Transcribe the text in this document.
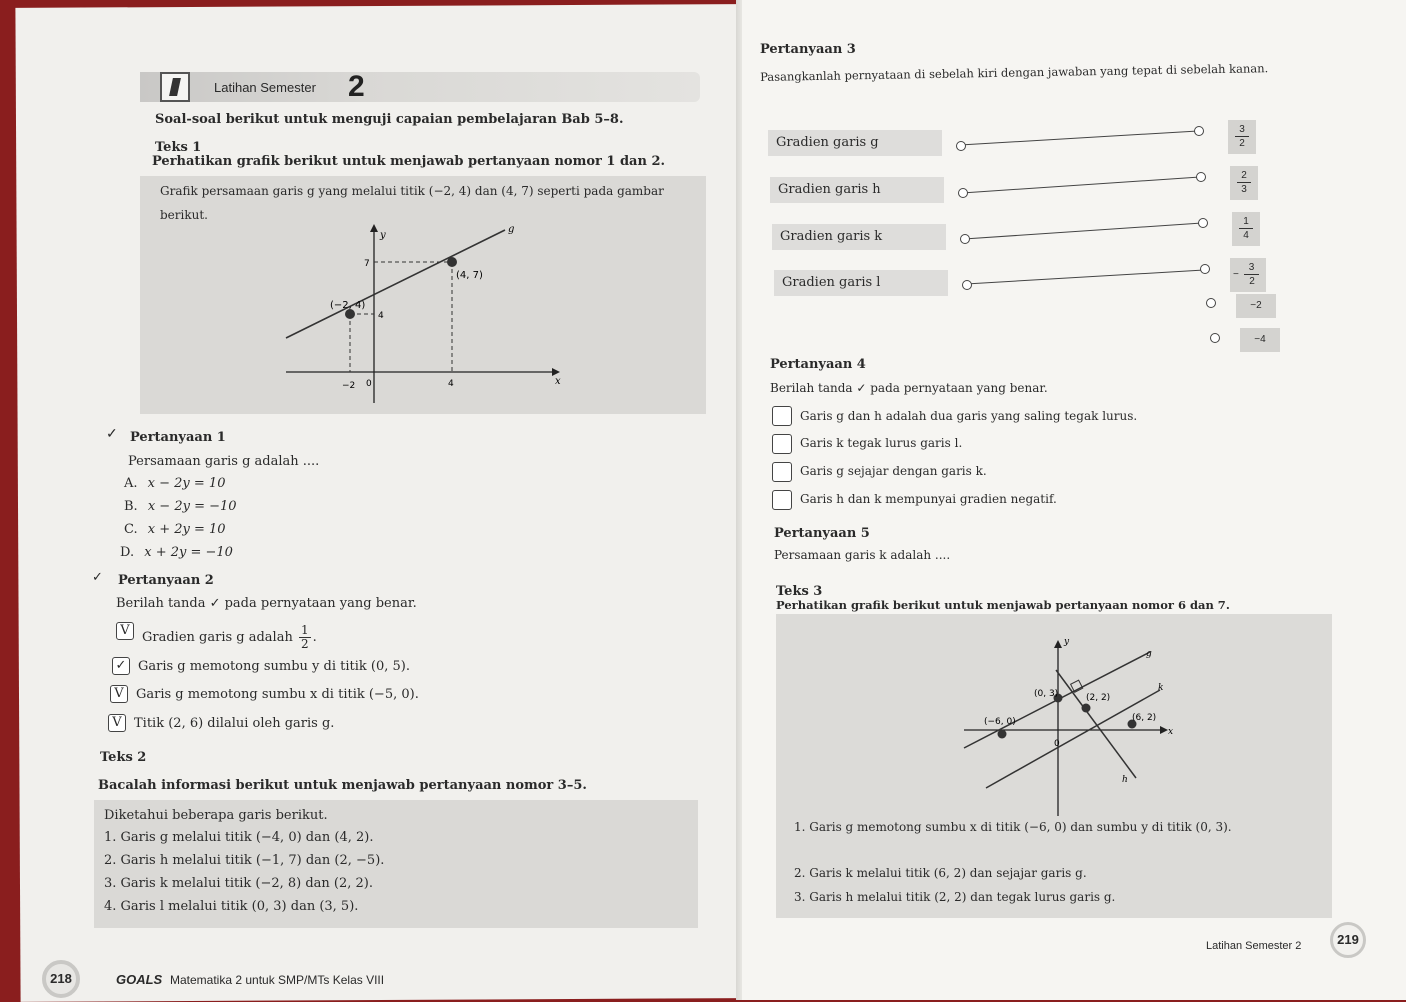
Latihan Semester 2
Soal-soal berikut untuk menguji capaian pembelajaran Bab 5–8.
Teks 1
Perhatikan grafik berikut untuk menjawab pertanyaan nomor 1 dan 2.
Grafik persamaan garis g yang melalui titik (−2, 4) dan (4, 7) seperti pada gambar
berikut.
y
x
g
(4, 7)
(−2, 4)
7
4
−2 0	4
✓ Pertanyaan 1
Persamaan garis g adalah ....
A. x − 2y = 10
B. x − 2y = −10
C. x + 2y = 10
D. x + 2y = −10
✓ Pertanyaan 2
Berilah tanda ✓ pada pernyataan yang benar.
V Gradien garis g adalah $\frac{1}{2}$ .
✓ Garis g memotong sumbu y di titik (0, 5).
V Garis g memotong sumbu x di titik (−5, 0).
V Titik (2, 6) dilalui oleh garis g.
Teks 2
Bacalah informasi berikut untuk menjawab pertanyaan nomor 3–5.
Diketahui beberapa garis berikut.
1. Garis g melalui titik (−4, 0) dan (4, 2).
2. Garis h melalui titik (−1, 7) dan (2, −5).
3. Garis k melalui titik (−2, 8) dan (2, 2).
4. Garis l melalui titik (0, 3) dan (3, 5).
218	GOALS Matematika 2 untuk SMP/MTs Kelas VIII
Pertanyaan 3
Pasangkanlah pernyataan di sebelah kiri dengan jawaban yang tepat di sebelah kanan.
Gradien garis g
Gradien garis h
Gradien garis k
Gradien garis l
$\frac{3}{2}$
$\frac{2}{3}$
$\frac{1}{4}$
−
3
2
−2
−4
Pertanyaan 4
Berilah tanda ✓ pada pernyataan yang benar.
Garis g dan h adalah dua garis yang saling tegak lurus.
Garis k tegak lurus garis l.
Garis g sejajar dengan garis k.
Garis h dan k mempunyai gradien negatif.
Pertanyaan 5
Persamaan garis k adalah ....
Teks 3
Perhatikan grafik berikut untuk menjawab pertanyaan nomor 6 dan 7.
y
x
g
k
h
(0, 3)	(2, 2)
(−6, 0)	(6, 2)
0
1. Garis g memotong sumbu x di titik (−6, 0) dan sumbu y di titik (0, 3).
2. Garis k melalui titik (6, 2) dan sejajar garis g.
3. Garis h melalui titik (2, 2) dan tegak lurus garis g.
Latihan Semester 2	219
